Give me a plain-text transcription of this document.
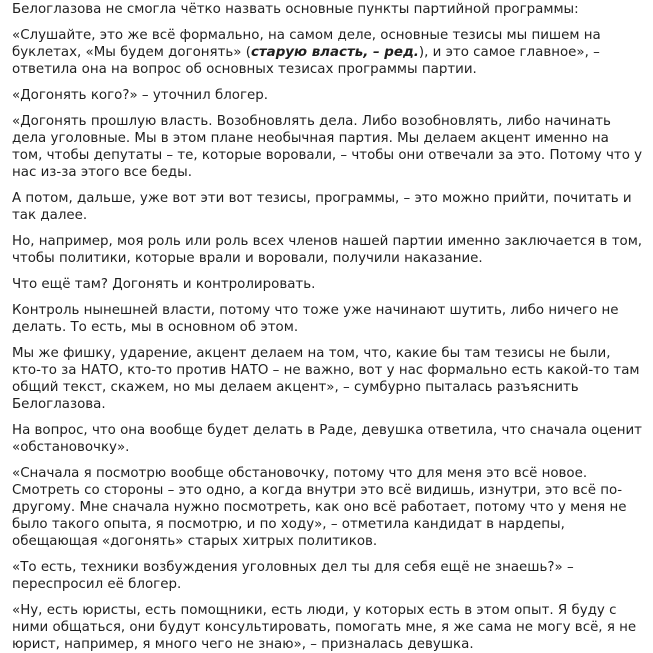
Белоглазова не смогла чётко назвать основные пункты партийной программы:

«Слушайте, это же всё формально, на самом деле, основные тезисы мы пишем на буклетах, «Мы будем догонять» (старую власть, – ред.), и это самое главное», – ответила она на вопрос об основных тезисах программы партии.

«Догонять кого?» – уточнил блогер.

«Догонять прошлую власть. Возобновлять дела. Либо возобновлять, либо начинать дела уголовные. Мы в этом плане необычная партия. Мы делаем акцент именно на том, чтобы депутаты – те, которые воровали, – чтобы они отвечали за это. Потому что у нас из-за этого все беды.

А потом, дальше, уже вот эти вот тезисы, программы, – это можно прийти, почитать и так далее.

Но, например, моя роль или роль всех членов нашей партии именно заключается в том, чтобы политики, которые врали и воровали, получили наказание.

Что ещё там? Догонять и контролировать.

Контроль нынешней власти, потому что тоже уже начинают шутить, либо ничего не делать. То есть, мы в основном об этом.

Мы же фишку, ударение, акцент делаем на том, что, какие бы там тезисы не были, кто-то за НАТО, кто-то против НАТО – не важно, вот у нас формально есть какой-то там общий текст, скажем, но мы делаем акцент», – сумбурно пыталась разъяснить Белоглазова.

На вопрос, что она вообще будет делать в Раде, девушка ответила, что сначала оценит «обстановочку».

«Сначала я посмотрю вообще обстановочку, потому что для меня это всё новое. Смотреть со стороны – это одно, а когда внутри это всё видишь, изнутри, это всё по-другому. Мне сначала нужно посмотреть, как оно всё работает, потому что у меня не было такого опыта, я посмотрю, и по ходу», – отметила кандидат в нардепы, обещающая «догонять» старых хитрых политиков.

«То есть, техники возбуждения уголовных дел ты для себя ещё не знаешь?» – переспросил её блогер.

«Ну, есть юристы, есть помощники, есть люди, у которых есть в этом опыт. Я буду с ними общаться, они будут консультировать, помогать мне, я же сама не могу всё, я не юрист, например, я много чего не знаю», – призналась девушка.
